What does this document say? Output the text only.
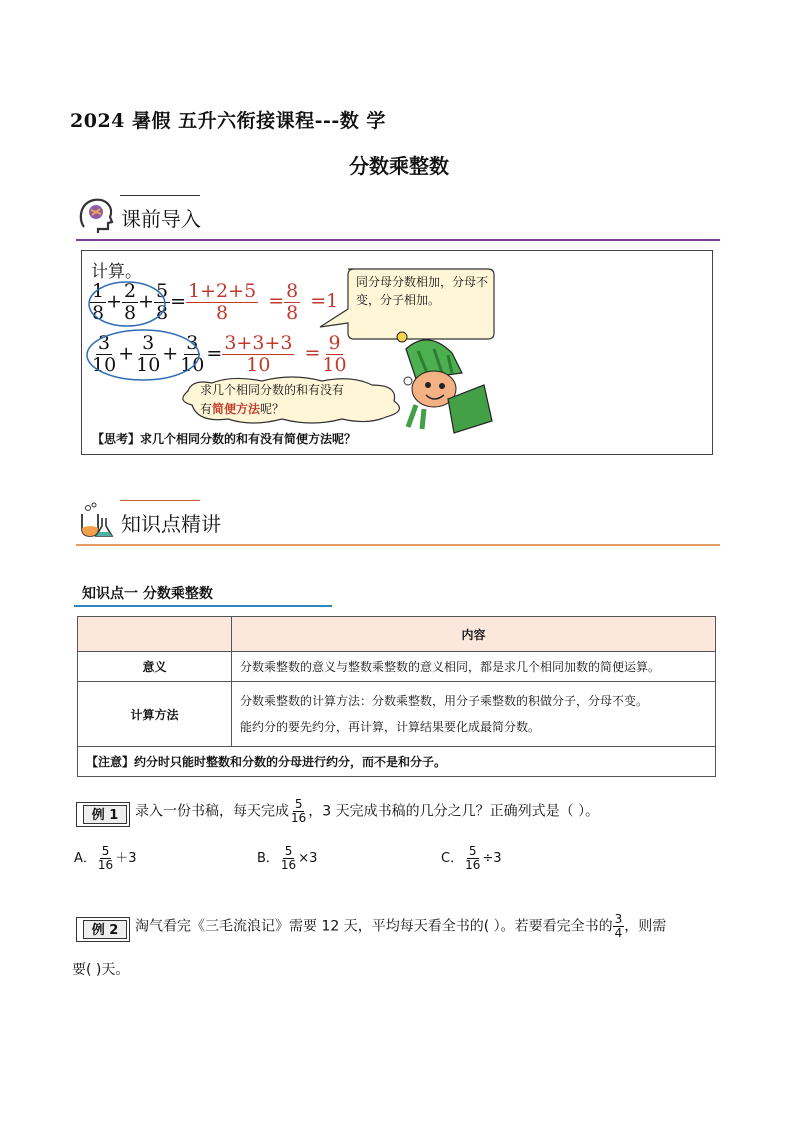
2024 暑假 五升六衔接课程---数 学
分数乘整数
课前导入
计算。
$\frac{1}{8} + \frac{2}{8} + \frac{5}{8} = \frac{1+2+5}{8} = \frac{8}{8} =1$
$\frac{3}{10} + \frac{3}{10} + \frac{3}{10} = \frac{3+3+3}{10} = \frac{9}{10}$
同分母分数相加，分母不变，分子相加。
求几个相同分数的和有没有
有简便方法呢？
【思考】求几个相同分数的和有没有简便方法呢？
知识点精讲
知识点一 分数乘整数
	内容
意义	分数乘整数的意义与整数乘整数的意义相同，都是求几个相同加数的简便运算。
计算方法	分数乘整数的计算方法：分数乘整数，用分子乘整数的积做分子，分母不变。
能约分的要先约分，再计算，计算结果要化成最简分数。

【注意】约分时只能时整数和分数的分母进行约分，而不是和分子。	
例 1	录入一份书稿，每天完成 $\frac{5}{16}$ ，3 天完成书稿的几分之几？正确列式是（ ）。
A． $\frac{5}{16} +3$	B． $\frac{5}{16} \times 3$	C． $\frac{5}{16} \div 3$
例 2	淘气看完《三毛流浪记》需要 12 天，平均每天看全书的( ）。若要看完全书的 $\frac{3}{4}$ ，则需
要( )天。
